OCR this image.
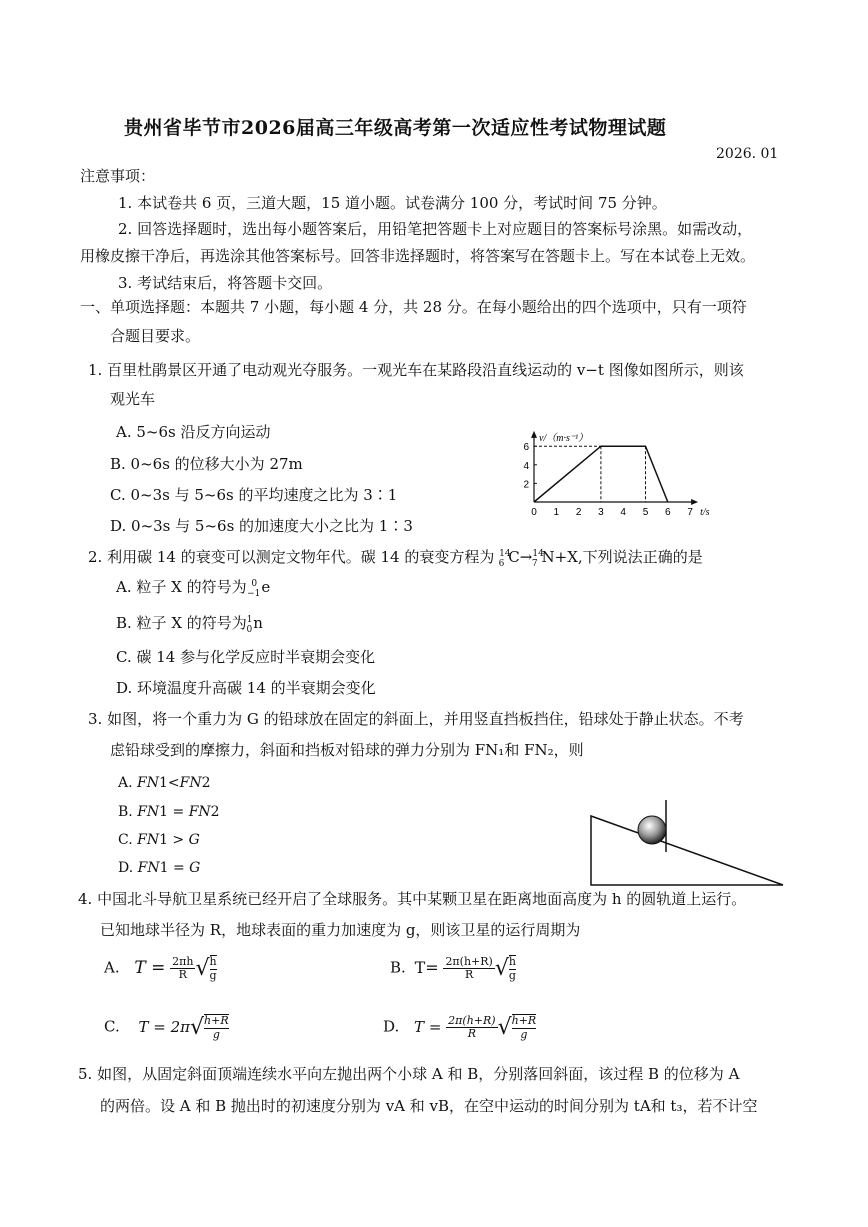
贵州省毕节市2026届高三年级高考第一次适应性考试物理试题
2026. 01
注意事项：
1. 本试卷共 6 页，三道大题，15 道小题。试卷满分 100 分，考试时间 75 分钟。
2. 回答选择题时，选出每小题答案后，用铅笔把答题卡上对应题目的答案标号涂黑。如需改动，
用橡皮擦干净后，再选涂其他答案标号。回答非选择题时，将答案写在答题卡上。写在本试卷上无效。
3. 考试结束后，将答题卡交回。
一、单项选择题：本题共 7 小题，每小题 4 分，共 28 分。在每小题给出的四个选项中，只有一项符
合题目要求。
1. 百里杜鹃景区开通了电动观光夺服务。一观光车在某路段沿直线运动的 v−t 图像如图所示，则该
观光车
A. 5~6s 沿反方向运动
B. 0~6s 的位移大小为 27m
C. 0~3s 与 5~6s 的平均速度之比为 3∶1
D. 0~3s 与 5~6s 的加速度大小之比为 1∶3
0 1 2 3 4 5 6 7
2
4
6
v/（m·s⁻¹）
t/s
2. 利用碳 14 的衰变可以测定文物年代。碳 14 的衰变方程为 $^{14}_6$ C→$^{14}_7$ N+X,下列说法正确的是
A. 粒子 X 的符号为 $^0_{-1}$e
B. 粒子 X 的符号为$^1_0$n
C. 碳 14 参与化学反应时半衰期会变化
D. 环境温度升高碳 14 的半衰期会变化
3. 如图，将一个重力为 G 的铅球放在固定的斜面上，并用竖直挡板挡住，铅球处于静止状态。不考
虑铅球受到的摩擦力，斜面和挡板对铅球的弹力分别为 FN₁和 FN₂，则
A. 𝐹𝑁1<𝐹𝑁2
B. 𝐹𝑁1 = 𝐹𝑁2
C. 𝐹𝑁1 > 𝐺
D. 𝐹𝑁1 = 𝐺
4. 中国北斗导航卫星系统已经开启了全球服务。其中某颗卫星在距离地面高度为 h 的圆轨道上运行。
已知地球半径为 R，地球表面的重力加速度为 g，则该卫星的运行周期为
A. $T = \frac{2\pi h}{R}$ √ $\frac{h}{g}$	B. $T= \frac{2\pi(h+R)}{R}$ √ $\frac{h}{g}$
C. $T = 2\pi√ \frac{h+R}{g}$	D. $T = \frac{2\pi(h+R)}{R}$ √ $\frac{h+R}{g}$
5. 如图，从固定斜面顶端连续水平向左抛出两个小球 A 和 B，分别落回斜面，该过程 B 的位移为 A
的两倍。设 A 和 B 抛出时的初速度分别为 vA 和 vB，在空中运动的时间分别为 tA和 t₃，若不计空
